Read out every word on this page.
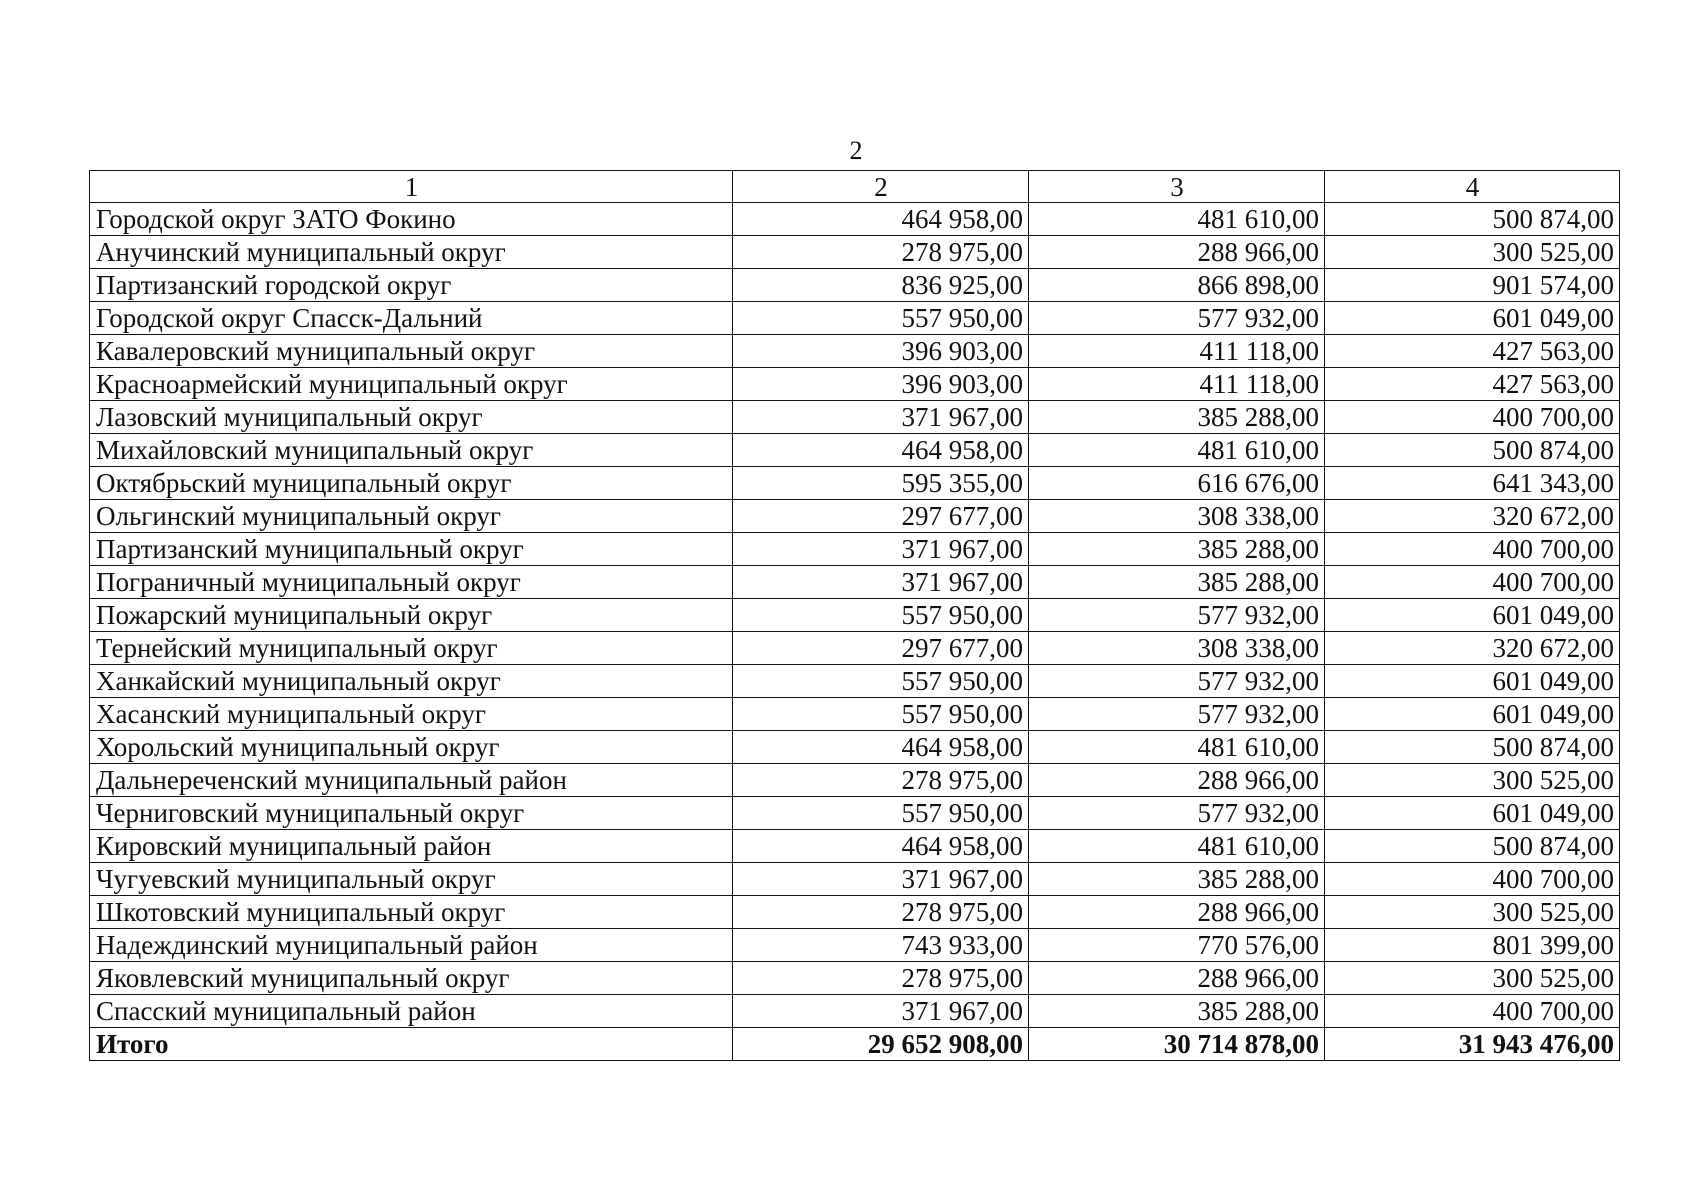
2
1	2	3	4
Городской округ ЗАТО Фокино	464 958,00	481 610,00	500 874,00
Анучинский муниципальный округ	278 975,00	288 966,00	300 525,00
Партизанский городской округ	836 925,00	866 898,00	901 574,00
Городской округ Спасск-Дальний	557 950,00	577 932,00	601 049,00
Кавалеровский муниципальный округ	396 903,00	411 118,00	427 563,00
Красноармейский муниципальный округ	396 903,00	411 118,00	427 563,00
Лазовский муниципальный округ	371 967,00	385 288,00	400 700,00
Михайловский муниципальный округ	464 958,00	481 610,00	500 874,00
Октябрьский муниципальный округ	595 355,00	616 676,00	641 343,00
Ольгинский муниципальный округ	297 677,00	308 338,00	320 672,00
Партизанский муниципальный округ	371 967,00	385 288,00	400 700,00
Пограничный муниципальный округ	371 967,00	385 288,00	400 700,00
Пожарский муниципальный округ	557 950,00	577 932,00	601 049,00
Тернейский муниципальный округ	297 677,00	308 338,00	320 672,00
Ханкайский муниципальный округ	557 950,00	577 932,00	601 049,00
Хасанский муниципальный округ	557 950,00	577 932,00	601 049,00
Хорольский муниципальный округ	464 958,00	481 610,00	500 874,00
Дальнереченский муниципальный район	278 975,00	288 966,00	300 525,00
Черниговский муниципальный округ	557 950,00	577 932,00	601 049,00
Кировский муниципальный район	464 958,00	481 610,00	500 874,00
Чугуевский муниципальный округ	371 967,00	385 288,00	400 700,00
Шкотовский муниципальный округ	278 975,00	288 966,00	300 525,00
Надеждинский муниципальный район	743 933,00	770 576,00	801 399,00
Яковлевский муниципальный округ	278 975,00	288 966,00	300 525,00
Спасский муниципальный район	371 967,00	385 288,00	400 700,00
Итого	29 652 908,00	30 714 878,00	31 943 476,00
